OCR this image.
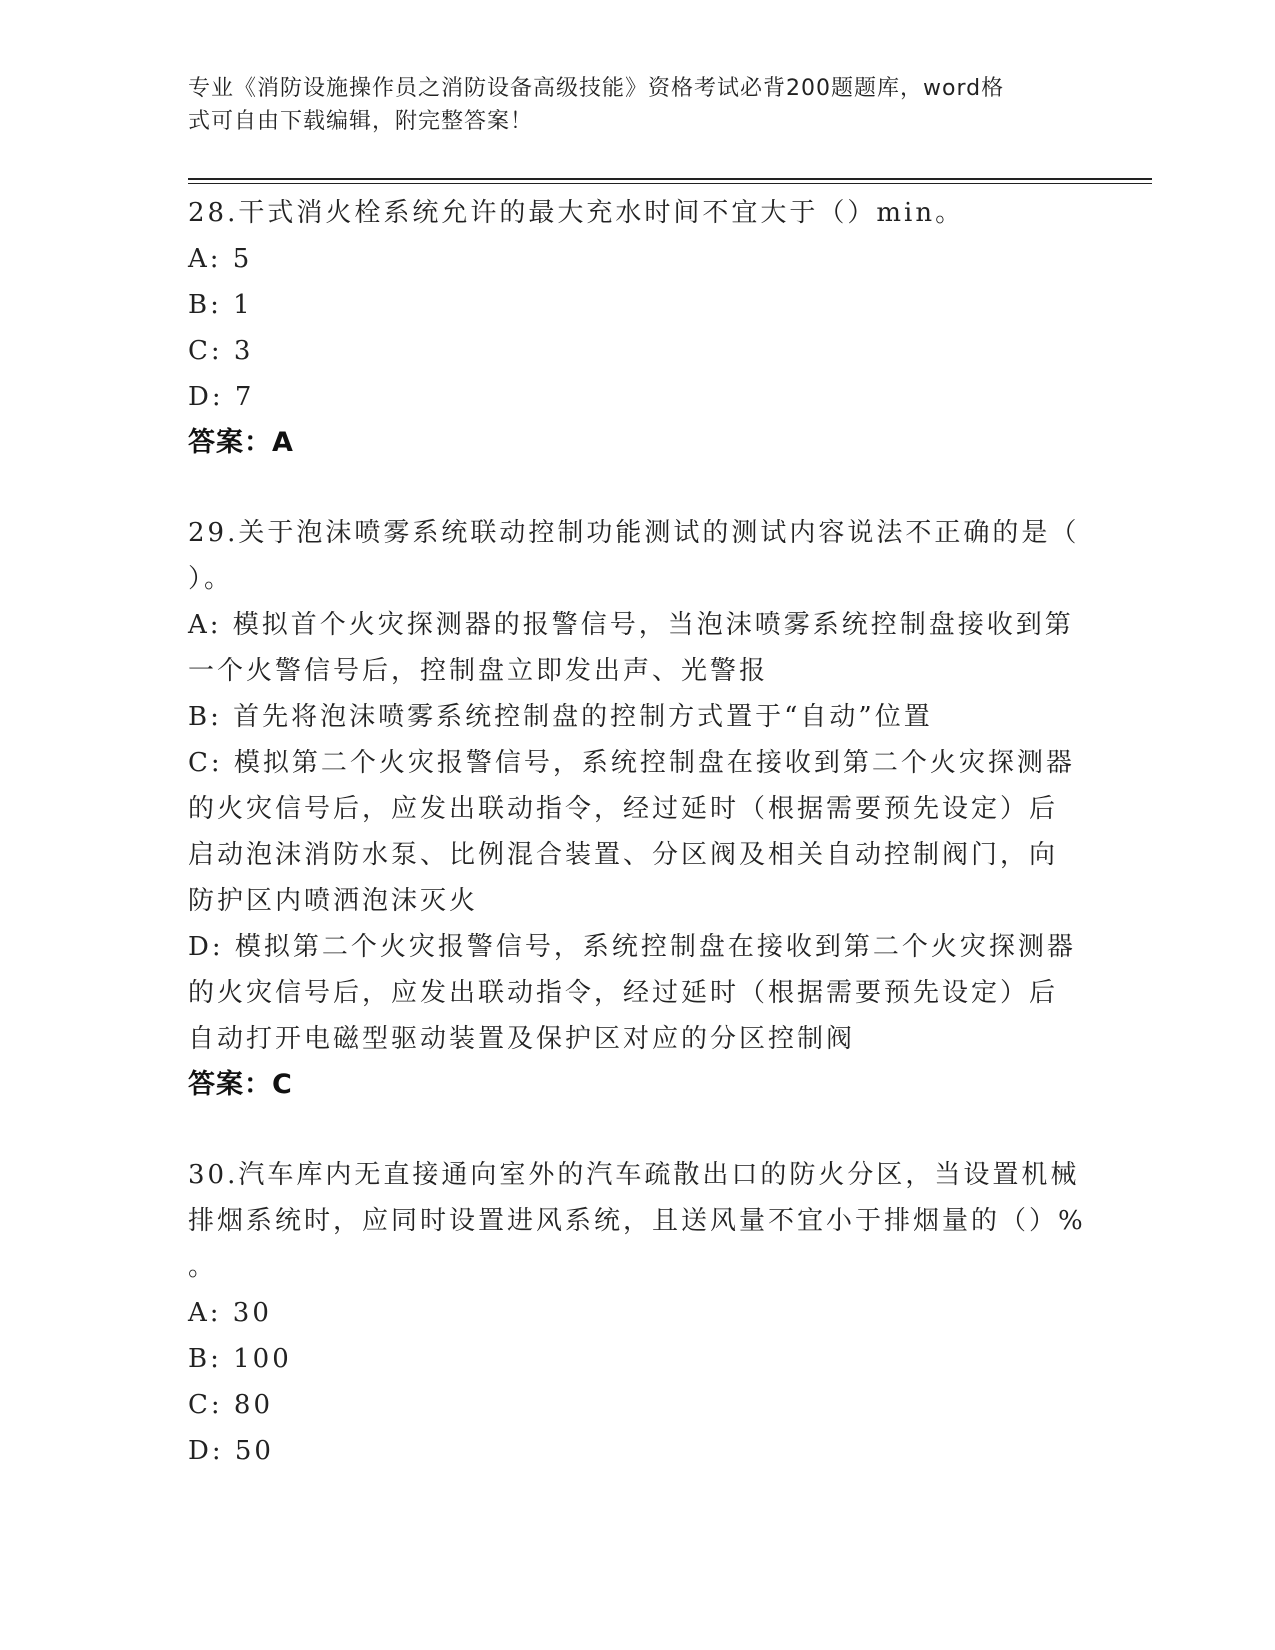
专业《消防设施操作员之消防设备高级技能》资格考试必背200题题库，word格
式可自由下载编辑，附完整答案！
28.干式消火栓系统允许的最大充水时间不宜大于（）min。
A: 5
B: 1
C: 3
D: 7
答案：A
29.关于泡沫喷雾系统联动控制功能测试的测试内容说法不正确的是（
）。
A: 模拟首个火灾探测器的报警信号，当泡沫喷雾系统控制盘接收到第
一个火警信号后，控制盘立即发出声、光警报
B: 首先将泡沫喷雾系统控制盘的控制方式置于“自动”位置
C: 模拟第二个火灾报警信号，系统控制盘在接收到第二个火灾探测器
的火灾信号后，应发出联动指令，经过延时（根据需要预先设定）后
启动泡沫消防水泵、比例混合装置、分区阀及相关自动控制阀门，向
防护区内喷洒泡沫灭火
D: 模拟第二个火灾报警信号，系统控制盘在接收到第二个火灾探测器
的火灾信号后，应发出联动指令，经过延时（根据需要预先设定）后
自动打开电磁型驱动装置及保护区对应的分区控制阀
答案：C
30.汽车库内无直接通向室外的汽车疏散出口的防火分区，当设置机械
排烟系统时，应同时设置进风系统，且送风量不宜小于排烟量的（）%
。
A: 30
B: 100
C: 80
D: 50
